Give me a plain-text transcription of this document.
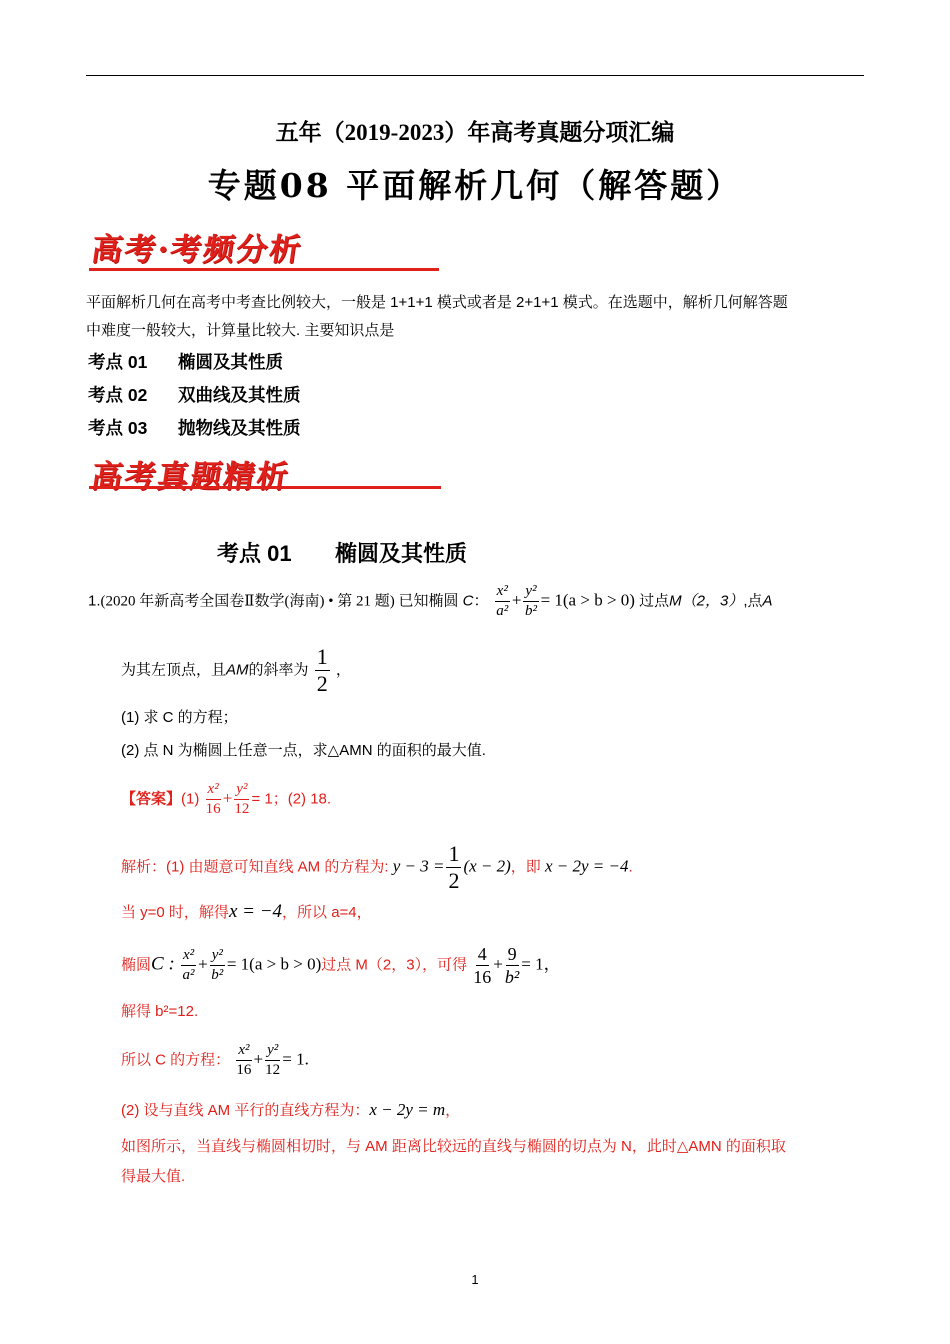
五年（2019-2023）年高考真题分项汇编
专题08 平面解析几何（解答题）
高考·考频分析
平面解析几何在高考中考查比例较大，一般是 1+1+1 模式或者是 2+1+1 模式。在选题中，解析几何解答题
中难度一般较大，计算量比较大. 主要知识点是
考点 01 椭圆及其性质
考点 02 双曲线及其性质
考点 03 抛物线及其性质
高考真题精析
考点 01 椭圆及其性质
1.(2020 年新高考全国卷Ⅱ数学(海南) • 第 21 题) 已知椭圆 C： $\frac{\text{x²}}{\text{a²}} + \frac{\text{y²}}{\text{b²}} = 1(a > b > 0)$ 过点M（2，3）,点A
为其左顶点，且AM的斜率为 $\frac{1}{2}$ ，
(1) 求 C 的方程；
(2) 点 N 为椭圆上任意一点，求△AMN 的面积的最大值.
【答案】$(1) \frac{\text{x²}}{16} + \frac{\text{y²}}{12} = 1$；(2) 18.
解析：(1) 由题意可知直线 AM 的方程为: $y - 3 = \frac{1}{2} (x - 2)$，即 x − 2y = −4.
当 y=0 时，解得x = −4，所以 a=4，
椭圆C : $\frac{\text{x²}}{\text{a²}} + \frac{\text{y²}}{\text{b²}} = 1(a > b > 0)$过点 M（2，3），可得 $\frac{4}{16} + \frac{9}{\text{b²}} = 1$，
解得 b²=12.
所以 C 的方程： $\frac{\text{x²}}{16} + \frac{\text{y²}}{12} = 1$.
(2) 设与直线 AM 平行的直线方程为：x − 2y = m，
如图所示，当直线与椭圆相切时，与 AM 距离比较远的直线与椭圆的切点为 N，此时△AMN 的面积取
得最大值.
1
